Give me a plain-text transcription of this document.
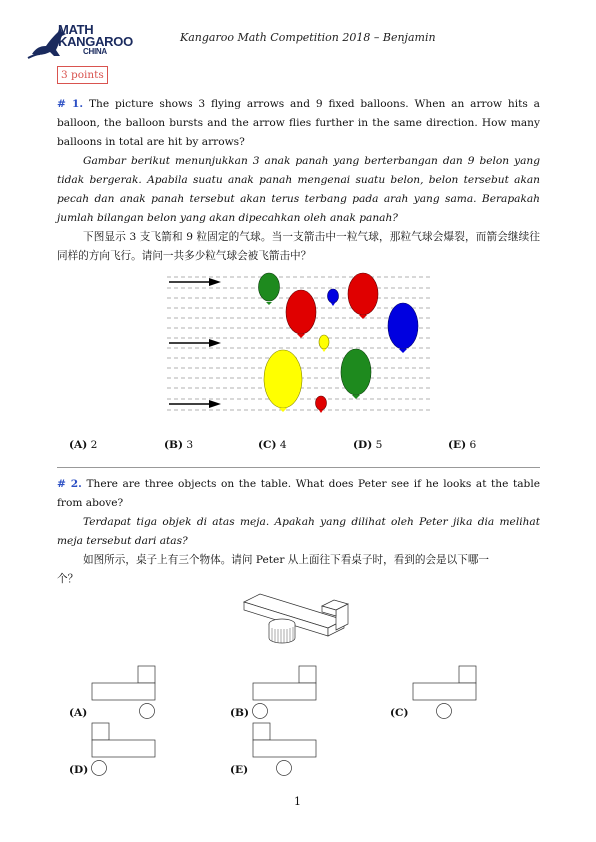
MATH
KANGAROO
CHINA
Kangaroo Math Competition 2018 – Benjamin
3 points
# 1. The picture shows 3 flying arrows and 9 fixed balloons. When an arrow hits a balloon, the balloon bursts and the arrow flies further in the same direction. How many balloons in total are hit by arrows?
Gambar berikut menunjukkan 3 anak panah yang berterbangan dan 9 belon yang tidak bergerak. Apabila suatu anak panah mengenai suatu belon, belon tersebut akan pecah dan anak panah tersebut akan terus terbang pada arah yang sama. Berapakah jumlah bilangan belon yang akan dipecahkan oleh anak panah?
下图显示 3 支飞箭和 9 粒固定的气球。当一支箭击中一粒气球，那粒气球会爆裂，而箭会继续往同样的方向飞行。请问一共多少粒气球会被飞箭击中？
(A) 2	(B) 3	(C) 4	(D) 5	(E) 6
# 2. There are three objects on the table. What does Peter see if he looks at the table from above?
Terdapat tiga objek di atas meja. Apakah yang dilihat oleh Peter jika dia melihat meja tersebut dari atas?
如图所示，桌子上有三个物体。请问 Peter 从上面往下看桌子时，看到的会是以下哪一
个？
(A)	(B)	(C)
(D)	(E)
1
